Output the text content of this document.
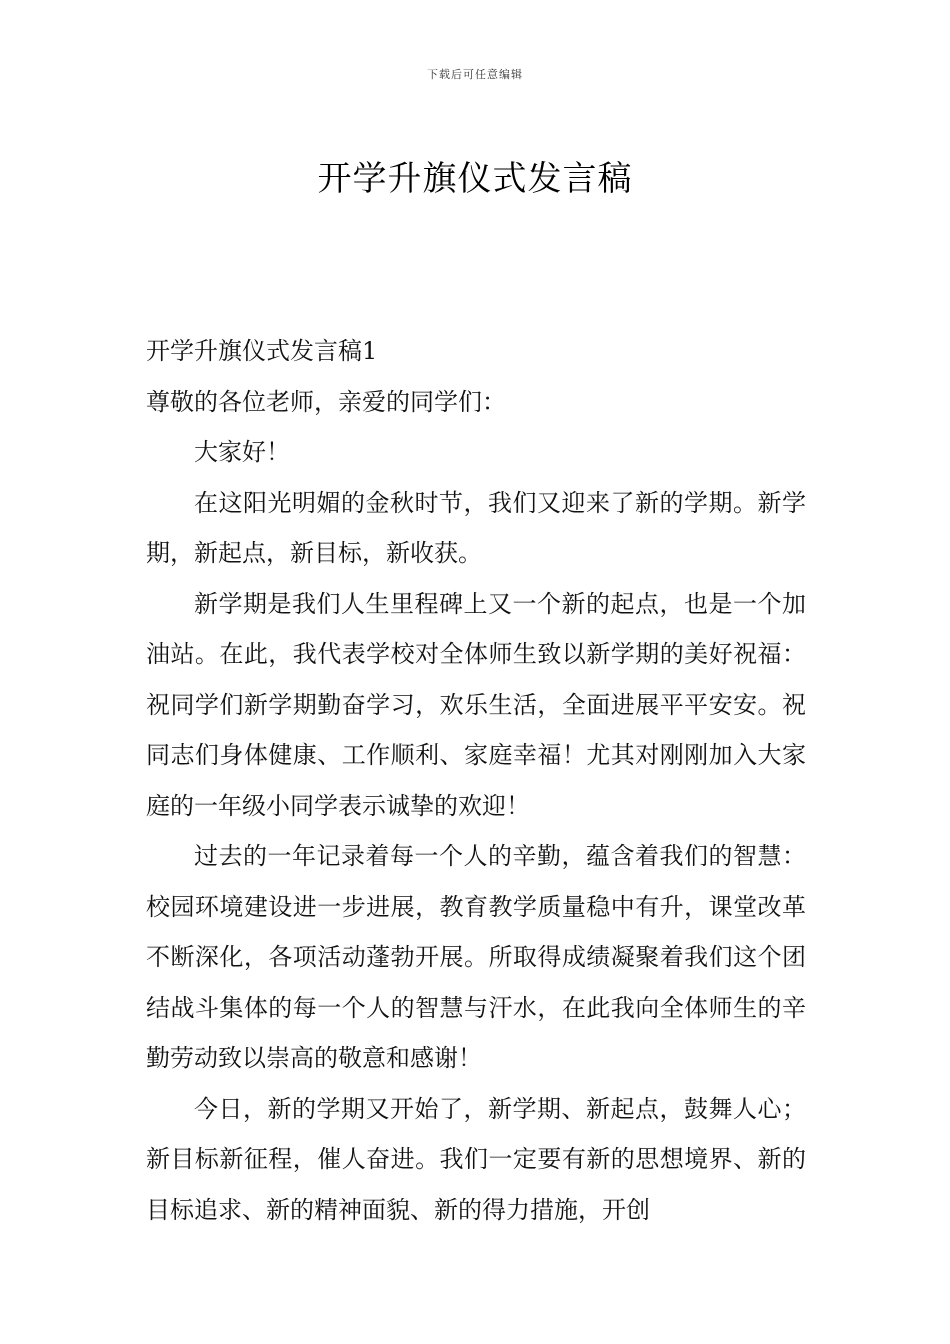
下载后可任意编辑
开学升旗仪式发言稿

开学升旗仪式发言稿1

尊敬的各位老师，亲爱的同学们：

大家好！

在这阳光明媚的金秋时节，我们又迎来了新的学期。新学期，新起点，新目标，新收获。

新学期是我们人生里程碑上又一个新的起点，也是一个加油站。在此，我代表学校对全体师生致以新学期的美好祝福：祝同学们新学期勤奋学习，欢乐生活，全面进展平平安安。祝同志们身体健康、工作顺利、家庭幸福！尤其对刚刚加入大家庭的一年级小同学表示诚挚的欢迎！

过去的一年记录着每一个人的辛勤，蕴含着我们的智慧：校园环境建设进一步进展，教育教学质量稳中有升，课堂改革不断深化，各项活动蓬勃开展。所取得成绩凝聚着我们这个团结战斗集体的每一个人的智慧与汗水，在此我向全体师生的辛勤劳动致以崇高的敬意和感谢！

今日，新的学期又开始了，新学期、新起点，鼓舞人心；新目标新征程，催人奋进。我们一定要有新的思想境界、新的目标追求、新的精神面貌、新的得力措施，开创
